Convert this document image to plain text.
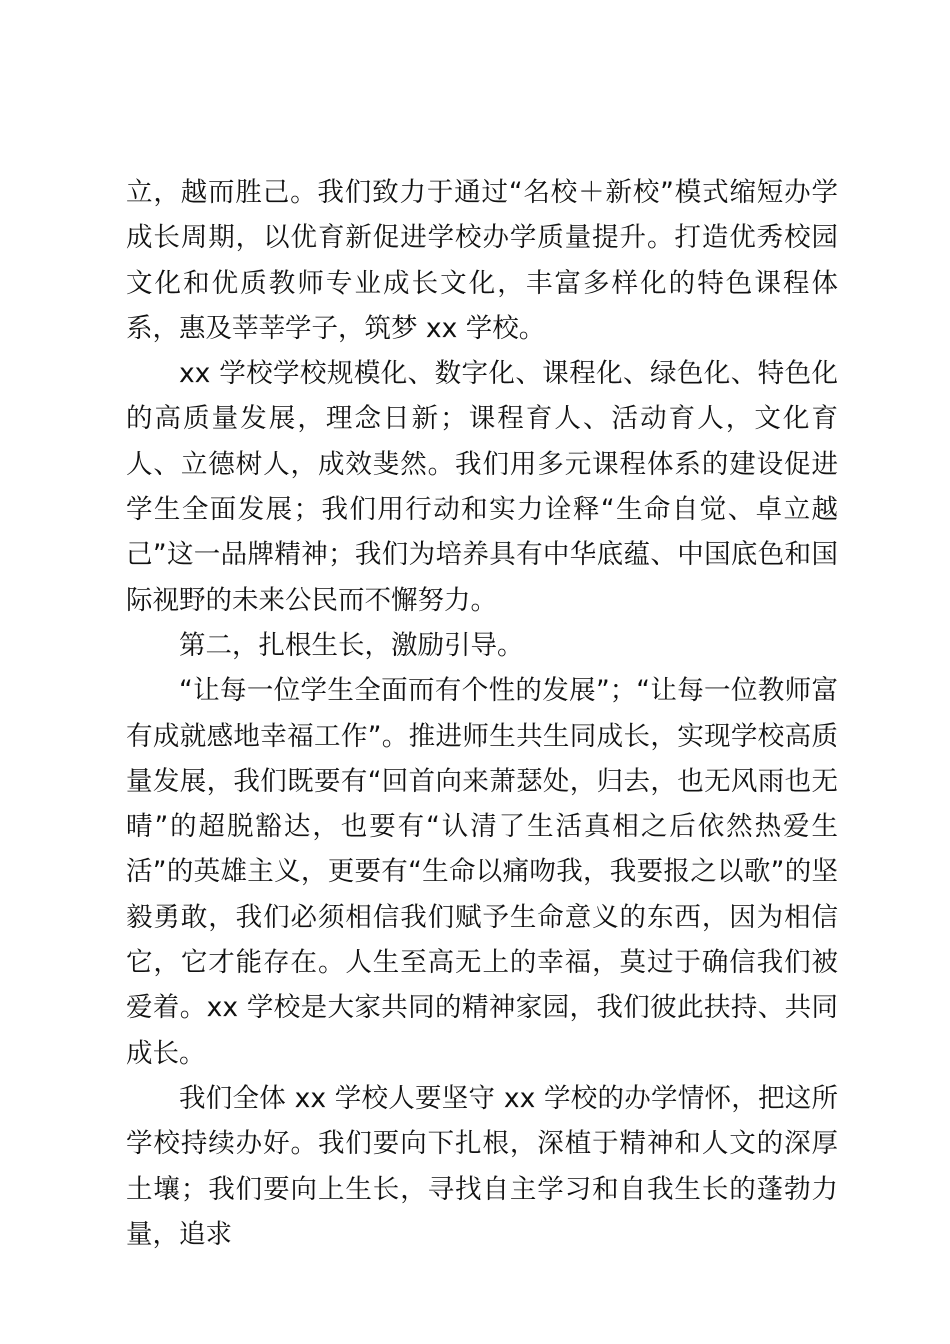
立，越而胜己。我们致力于通过“名校＋新校”模式缩短办学成长周期，以优育新促进学校办学质量提升。打造优秀校园文化和优质教师专业成长文化，丰富多样化的特色课程体系，惠及莘莘学子，筑梦 xx 学校。

xx 学校学校规模化、数字化、课程化、绿色化、特色化的高质量发展，理念日新；课程育人、活动育人，文化育人、立德树人，成效斐然。我们用多元课程体系的建设促进学生全面发展；我们用行动和实力诠释“生命自觉、卓立越己”这一品牌精神；我们为培养具有中华底蕴、中国底色和国际视野的未来公民而不懈努力。

第二，扎根生长，激励引导。

“让每一位学生全面而有个性的发展”；“让每一位教师富有成就感地幸福工作”。推进师生共生同成长，实现学校高质量发展，我们既要有“回首向来萧瑟处，归去，也无风雨也无晴”的超脱豁达，也要有“认清了生活真相之后依然热爱生活”的英雄主义，更要有“生命以痛吻我，我要报之以歌”的坚毅勇敢，我们必须相信我们赋予生命意义的东西，因为相信它，它才能存在。人生至高无上的幸福，莫过于确信我们被爱着。xx 学校是大家共同的精神家园，我们彼此扶持、共同成长。

我们全体 xx 学校人要坚守 xx 学校的办学情怀，把这所学校持续办好。我们要向下扎根，深植于精神和人文的深厚土壤；我们要向上生长，寻找自主学习和自我生长的蓬勃力量，追求
